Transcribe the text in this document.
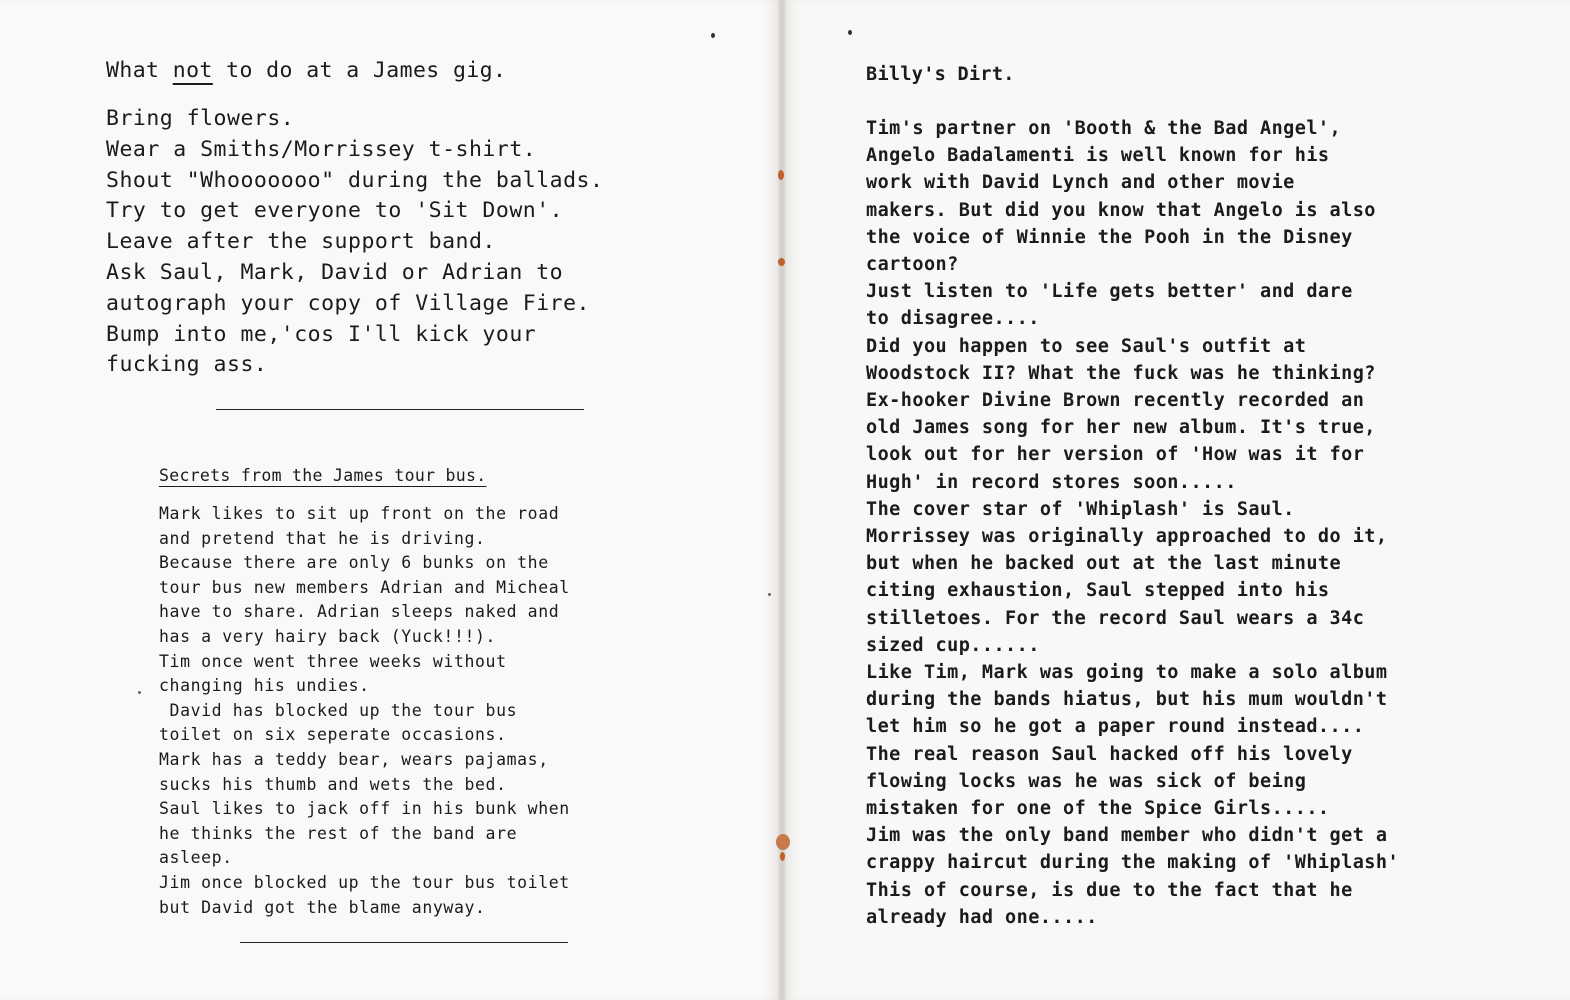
What not to do at a James gig.
Bring flowers.
Wear a Smiths/Morrissey t-shirt.
Shout "Whooooooo" during the ballads.
Try to get everyone to 'Sit Down'.
Leave after the support band.
Ask Saul, Mark, David or Adrian to
autograph your copy of Village Fire.
Bump into me,'cos I'll kick your
fucking ass.
Secrets from the James tour bus.
Mark likes to sit up front on the road
and pretend that he is driving.
Because there are only 6 bunks on the
tour bus new members Adrian and Micheal
have to share. Adrian sleeps naked and
has a very hairy back (Yuck!!!).
Tim once went three weeks without
changing his undies.
David has blocked up the tour bus
toilet on six seperate occasions.
Mark has a teddy bear, wears pajamas,
sucks his thumb and wets the bed.
Saul likes to jack off in his bunk when
he thinks the rest of the band are
asleep.
Jim once blocked up the tour bus toilet
but David got the blame anyway.
Billy's Dirt.
Tim's partner on 'Booth & the Bad Angel',
Angelo Badalamenti is well known for his
work with David Lynch and other movie
makers. But did you know that Angelo is also
the voice of Winnie the Pooh in the Disney
cartoon?
Just listen to 'Life gets better' and dare
to disagree....
Did you happen to see Saul's outfit at
Woodstock II? What the fuck was he thinking?
Ex-hooker Divine Brown recently recorded an
old James song for her new album. It's true,
look out for her version of 'How was it for
Hugh' in record stores soon.....
The cover star of 'Whiplash' is Saul.
Morrissey was originally approached to do it,
but when he backed out at the last minute
citing exhaustion, Saul stepped into his
stilletoes. For the record Saul wears a 34c
sized cup......
Like Tim, Mark was going to make a solo album
during the bands hiatus, but his mum wouldn't
let him so he got a paper round instead....
The real reason Saul hacked off his lovely
flowing locks was he was sick of being
mistaken for one of the Spice Girls.....
Jim was the only band member who didn't get a
crappy haircut during the making of 'Whiplash'
This of course, is due to the fact that he
already had one.....
